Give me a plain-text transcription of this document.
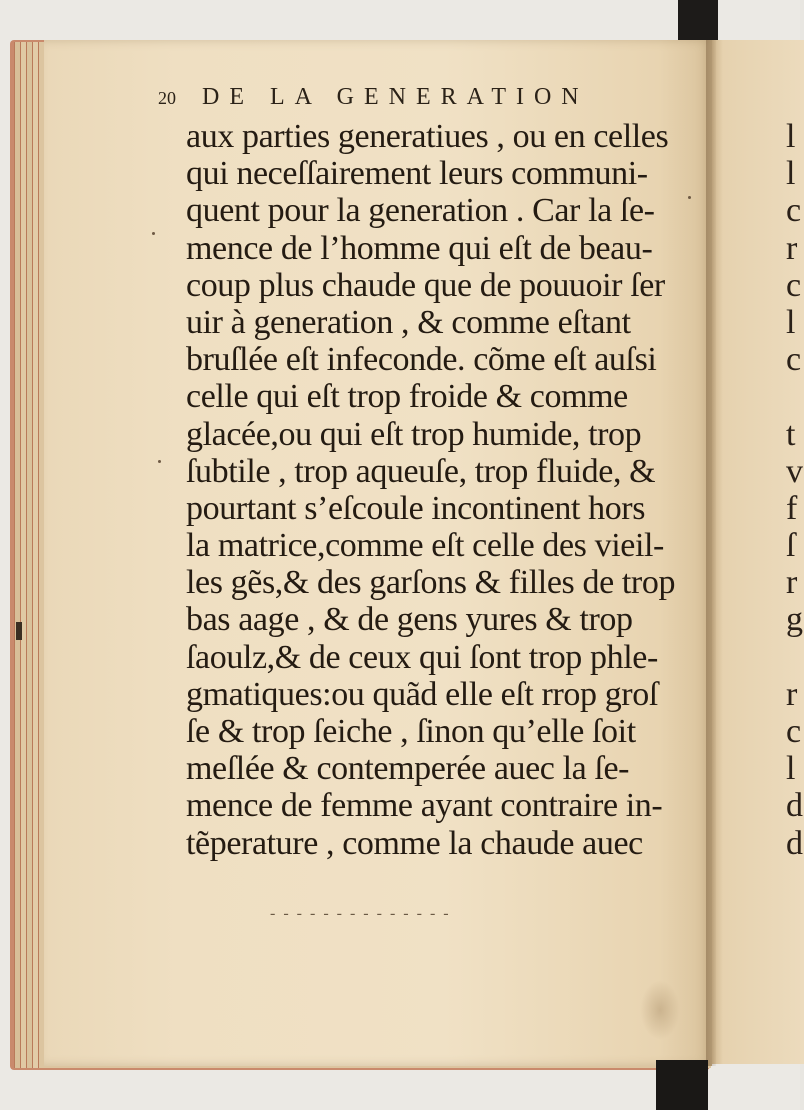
20 DE LA GENERATION
aux parties generatiues , ou en celles
qui neceſſairement leurs communi-
quent pour la generation . Car la ſe-
mence de l’homme qui eſt de beau-
coup plus chaude que de pouuoir ſer
uir à generation , & comme eſtant
bruſlée eſt infeconde. cõme eſt auſsi
celle qui eſt trop froide & comme
glacée,ou qui eſt trop humide, trop
ſubtile , trop aqueuſe, trop fluide, &
pourtant s’eſcoule incontinent hors
la matrice,comme eſt celle des vieil-
les gẽs,& des garſons & filles de trop
bas aage , & de gens yures & trop
ſaoulz,& de ceux qui ſont trop phle-
gmatiques:ou quãd elle eſt rrop groſ
ſe & trop ſeiche , ſinon qu’elle ſoit
meſlée & contemperée auec la ſe-
mence de femme ayant contraire in-
tẽperature , comme la chaude auec
l
l
c
r
c
l
c
t
v
f
ſ
r
g
r
c
l
d
d
- - - - - - - - - - - - - -
